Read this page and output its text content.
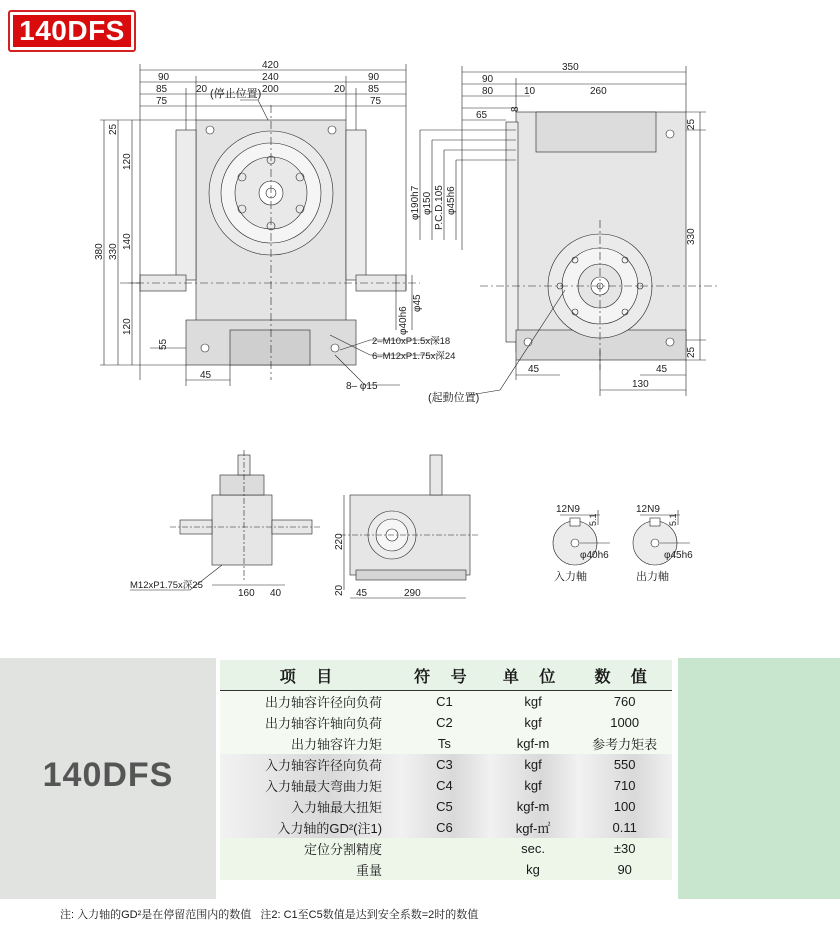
140DFS
420
90	240	90
85	20	200	20 85
75	75
25
120
380 330
140
120
55
45
(停止位置)
φ45
φ40h6
2–M10xP1.5x深18
6–M12xP1.75x深24
8– φ15
350
90
260
80	10
8
65
φ190h7 φ150 P.C.D.105 φ45h6
25
330
25
45	45
130
(起動位置)
160 40
M12xP1.75x深25
220
20 45	290
12N9
5.1
φ40h6
入力軸
12N9
5.1
φ45h6
出力軸
140DFS
项 目	符 号	单 位	数 值
出力轴容许径向负荷	C1	kgf	760
出力轴容许轴向负荷	C2	kgf	1000
出力轴容许力矩	Ts	kgf-m	参考力矩表
入力轴容许径向负荷	C3	kgf	550
入力轴最大弯曲力矩	C4	kgf	710
入力轴最大扭矩	C5	kgf-m	100
入力轴的GD²(注1)	C6	kgf-㎡	0.11
定位分割精度		sec.	±30
重量		kg	90
注: 入力轴的GD²是在停留范围内的数值 注2: C1至C5数值是达到安全系数=2时的数值
